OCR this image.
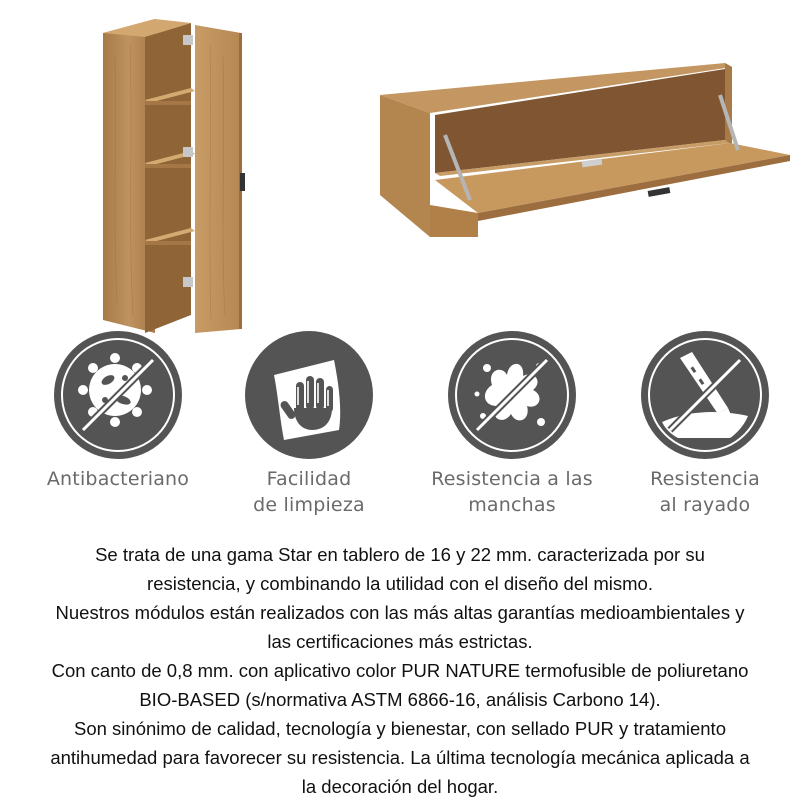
Antibacteriano	Facilidad
de limpieza
Resistencia a las
manchas
Resistencia
al rayado

Se trata de una gama Star en tablero de 16 y 22 mm. caracterizada por su

resistencia, y combinando la utilidad con el diseño del mismo.

Nuestros módulos están realizados con las más altas garantías medioambientales y

las certificaciones más estrictas.

Con canto de 0,8 mm. con aplicativo color PUR NATURE termofusible de poliuretano

BIO-BASED (s/normativa ASTM 6866-16, análisis Carbono 14).

Son sinónimo de calidad, tecnología y bienestar, con sellado PUR y tratamiento

antihumedad para favorecer su resistencia. La última tecnología mecánica aplicada a

la decoración del hogar.
